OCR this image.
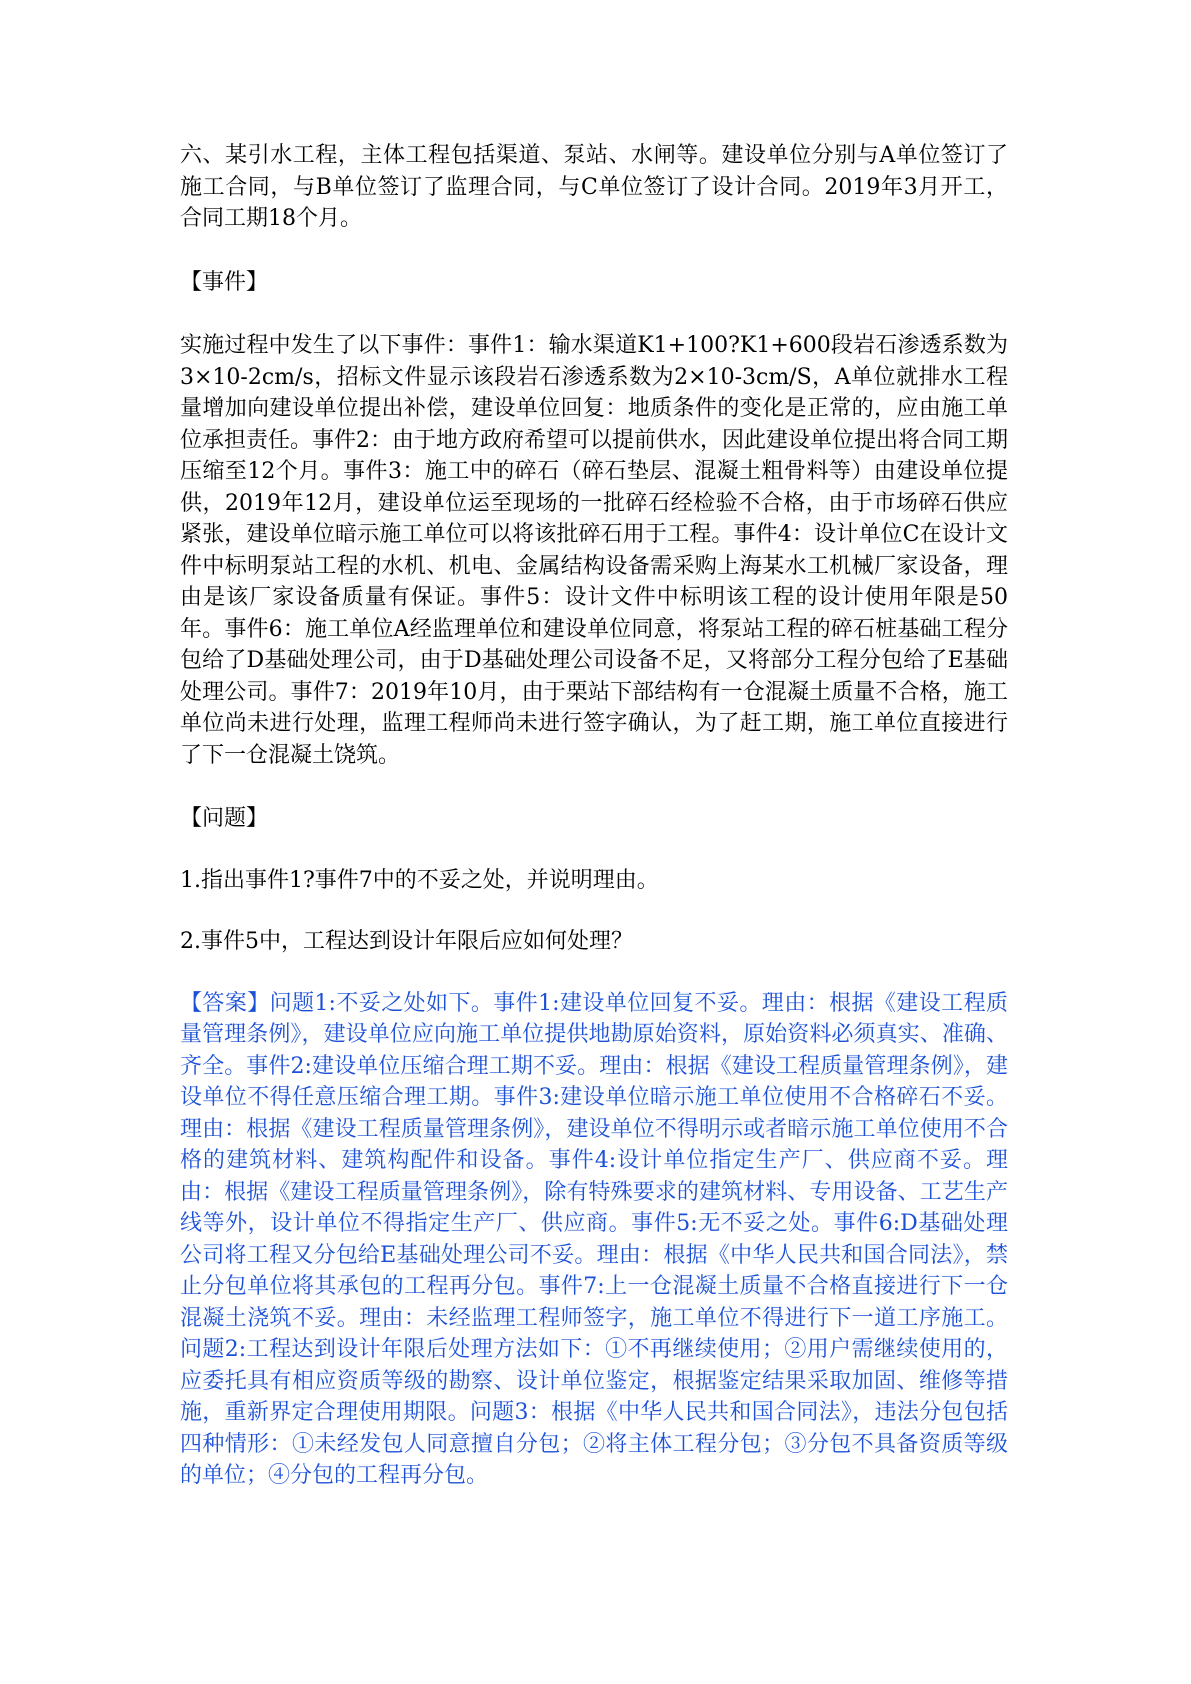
六、某引水工程，主体工程包括渠道、泵站、水闸等。建设单位分别与A单位签订了施工合同，与B单位签订了监理合同，与C单位签订了设计合同。2019年3月开工，合同工期18个月。

【事件】

实施过程中发生了以下事件：事件1：输水渠道K1+100?K1+600段岩石渗透系数为3×10-2cm/s，招标文件显示该段岩石渗透系数为2×10-3cm/S，A单位就排水工程量增加向建设单位提出补偿，建设单位回复：地质条件的变化是正常的，应由施工单位承担责任。事件2：由于地方政府希望可以提前供水，因此建设单位提出将合同工期压缩至12个月。事件3：施工中的碎石（碎石垫层、混凝土粗骨料等）由建设单位提供，2019年12月，建设单位运至现场的一批碎石经检验不合格，由于市场碎石供应紧张，建设单位暗示施工单位可以将该批碎石用于工程。事件4：设计单位C在设计文件中标明泵站工程的水机、机电、金属结构设备需采购上海某水工机械厂家设备，理由是该厂家设备质量有保证。事件5：设计文件中标明该工程的设计使用年限是50年。事件6：施工单位A经监理单位和建设单位同意，将泵站工程的碎石桩基础工程分包给了D基础处理公司，由于D基础处理公司设备不足，又将部分工程分包给了E基础处理公司。事件7：2019年10月，由于栗站下部结构有一仓混凝土质量不合格，施工单位尚未进行处理，监理工程师尚未进行签字确认，为了赶工期，施工单位直接进行了下一仓混凝土饶筑。

【问题】

1.指出事件1?事件7中的不妥之处，并说明理由。

2.事件5中，工程达到设计年限后应如何处理？

【答案】问题1:不妥之处如下。事件1:建设单位回复不妥。理由：根据《建设工程质量管理条例》，建设单位应向施工单位提供地勘原始资料，原始资料必须真实、准确、齐全。事件2:建设单位压缩合理工期不妥。理由：根据《建设工程质量管理条例》，建设单位不得任意压缩合理工期。事件3:建设单位暗示施工单位使用不合格碎石不妥。理由：根据《建设工程质量管理条例》，建设单位不得明示或者暗示施工单位使用不合格的建筑材料、建筑构配件和设备。事件4:设计单位指定生产厂、供应商不妥。理由：根据《建设工程质量管理条例》，除有特殊要求的建筑材料、专用设备、工艺生产线等外，设计单位不得指定生产厂、供应商。事件5:无不妥之处。事件6:D基础处理公司将工程又分包给E基础处理公司不妥。理由：根据《中华人民共和国合同法》，禁止分包单位将其承包的工程再分包。事件7:上一仓混凝土质量不合格直接进行下一仓混凝土浇筑不妥。理由：未经监理工程师签字，施工单位不得进行下一道工序施工。问题2:工程达到设计年限后处理方法如下：①不再继续使用；②用户需继续使用的，应委托具有相应资质等级的勘察、设计单位鉴定，根据鉴定结果采取加固、维修等措施，重新界定合理使用期限。问题3：根据《中华人民共和国合同法》，违法分包包括四种情形：①未经发包人同意擅自分包；②将主体工程分包；③分包不具备资质等级的单位；④分包的工程再分包。
